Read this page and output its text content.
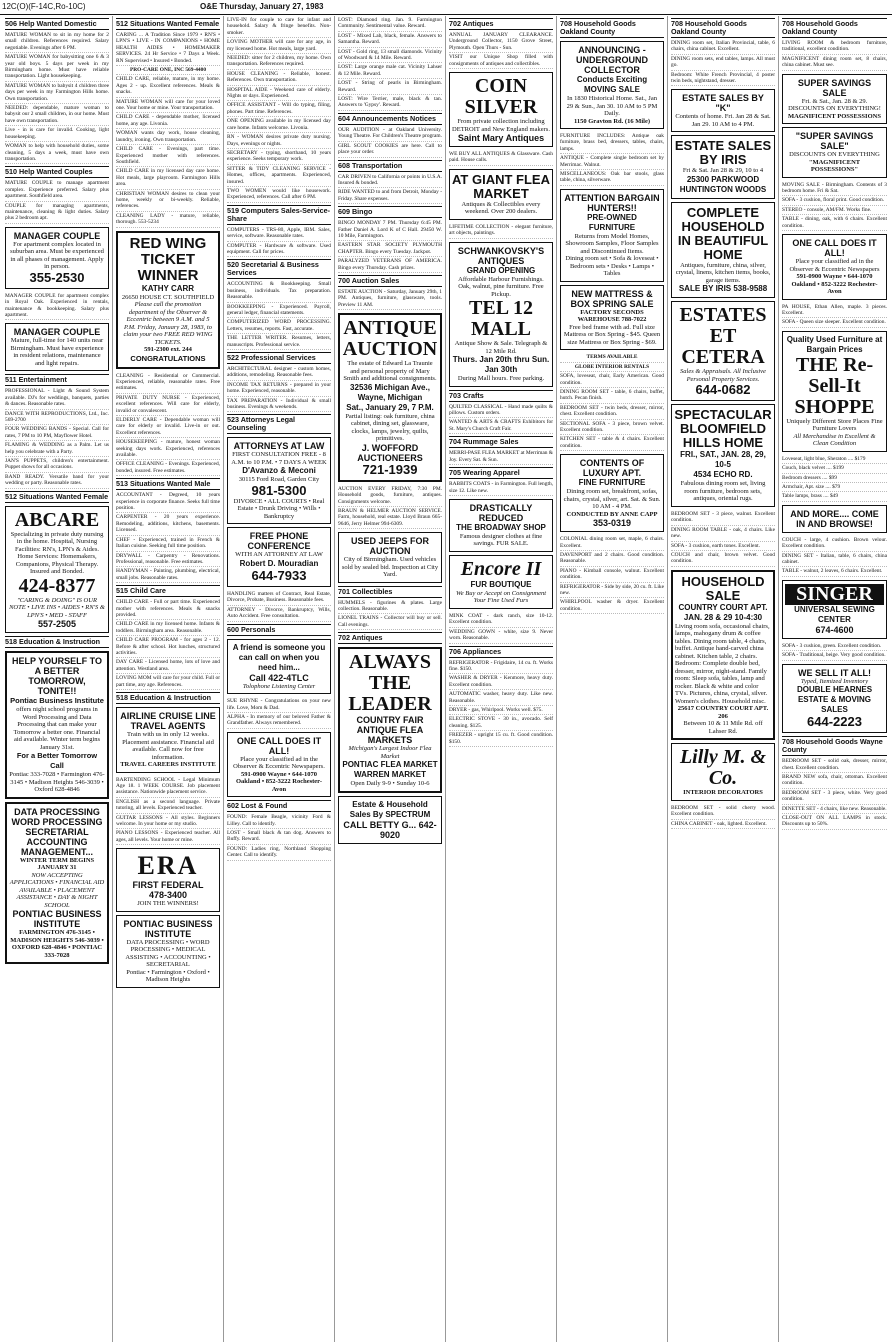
12C(O)(F-14C,Ro-10C)	O&E Thursday, January 27, 1983
506 Help Wanted Domestic

MATURE WOMAN to sit in my home for 2 small children. References required. Salary negotiable. Evenings after 6 PM.

MATURE WOMAN for babysitting one 6 & 3 year old boys. 5 days per week in my Birmingham home. Must have reliable transportation. Light housekeeping.

MATURE WOMAN to babysit 4 children three days per week in my Farmington Hills home. Own transportation.

NEEDED: dependable, mature woman to babysit our 2 small children, in our home. Must have own transportation.

Live - in is care for invalid. Cooking, light housekeeping.

WOMAN to help with household duties, some cleaning, 5 days a week, must have own transportation.

510 Help Wanted Couples

MATURE COUPLE to manage apartment complex. Experience preferred. Salary plus apartment. Southfield area.

COUPLE for managing apartments, maintenance, cleaning & light duties. Salary plus 2 bedroom apt.

MANAGER COUPLE
For apartment complex located in suburban area. Must be experienced in all phases of management. Apply in person.
355-2530

MANAGER COUPLE for apartment complex in Royal Oak. Experienced in rentals, maintenance & bookkeeping. Salary plus apartment.

MANAGER COUPLE
Mature, full-time for 140 units near Birmingham. Must have experience in resident relations, maintenance and light repairs.
511 Entertainment

PROFESSIONAL - Light & Sound System available. DJ's for weddings, banquets, parties & dances. Reasonable rates.

DANCE WITH REPRODUCTIONS, Ltd., Inc. 569-2700

FOUR WEDDING BANDS - Special. Call for rates, 7 PM to 10 PM, Mayflower Hotel.

FLAMING & WEDDING as a Palm. Let us help you celebrate with a Party.

JAN'S PUPPETS, children's entertainment. Puppet shows for all occasions.

BAND READY. Versatile band for your wedding or party. Reasonable rates.

512 Situations Wanted Female
ABCARE
Specializing in private duty nursing in the home. Hospital, Nursing Facilities: RN's, LPN's & Aides. Home Services: Homemakers, Companions, Physical Therapy. Insured and Bonded.
424-8377
"CARING & DOING" IS OUR NOTE • LIVE INS • AIDES • RN'S & LPN'S • MED - STAFF
557-2505
518 Education & Instruction
HELP YOURSELF TO A BETTER TOMORROW, TONITE!!
Pontiac Business Institute
offers night school programs in Word Processing and Data Processing that can make your Tomorrow a better one. Financial aid available. Winter term begins January 31st.
For a Better Tomorrow Call
Pontiac 333-7028 • Farmington 476-3145 • Madison Heights 546-3039 • Oxford 628-4846
DATA PROCESSING
WORD PROCESSING
SECRETARIAL
ACCOUNTING
MANAGEMENT...
WINTER TERM BEGINS JANUARY 31
NOW ACCEPTING APPLICATIONS • FINANCIAL AID AVAILABLE • PLACEMENT ASSISTANCE • DAY & NIGHT SCHOOL
PONTIAC BUSINESS INSTITUTE
FARMINGTON 476-3145 • MADISON HEIGHTS 546-3039 • OXFORD 628-4846 • PONTIAC 333-7028
512 Situations Wanted Female

CARING ... A Tradition Since 1979 • RN'S • LPN'S • LIVE - IN COMPANIONS • HOME HEALTH AIDES • HOMEMAKER SERVICES. 24 Hr Service • 7 Days a Week. RN Supervised • Insured • Bonded.

PRO-CARE ONE, INC 569-4400

CHILD CARE, reliable, mature, in my home. Ages 2 - up. Excellent references. Meals & snacks.

MATURE WOMAN will care for your loved one. Your home or mine. Your transportation.

CHILD CARE - dependable mother, licensed home, any age. Livonia.

WOMAN wants day work, house cleaning, laundry, ironing. Own transportation.

CHILD CARE - Evenings, part time. Experienced mother with references. Southfield.

CHILD CARE in my licensed day care home. Hot meals, large playroom. Farmington Hills area.

CHRISTIAN WOMAN desires to clean your home, weekly or bi-weekly. Reliable, references.

CLEANING LADY - mature, reliable, thorough. 553-5234

RED WING TICKET WINNER
KATHY CARR
26650 HOUSE CT. SOUTHFIELD
Please call the promotion department of the Observer & Eccentric between 9 A.M. and 5 P.M. Friday, January 28, 1983, to claim your two FREE RED WING TICKETS.
591-2300 ext. 244
CONGRATULATIONS

CLEANING - Residential or Commercial. Experienced, reliable, reasonable rates. Free estimates.

PRIVATE DUTY NURSE - Experienced, excellent references. Will care for elderly, invalid or convalescent.

ELDERLY CARE - Dependable woman will care for elderly or invalid. Live-in or out. Excellent references.

HOUSEKEEPING - mature, honest woman seeking days work. Experienced, references available.

OFFICE CLEANING - Evenings. Experienced, bonded, insured. Free estimates.

513 Situations Wanted Male

ACCOUNTANT - Degreed, 10 years experience in corporate finance. Seeks full time position.

CARPENTER - 20 years experience. Remodeling, additions, kitchens, basements. Licensed.

CHEF - Experienced, trained in French & Italian cuisine. Seeking full time position.

DRYWALL - Carpentry - Renovations. Professional, reasonable. Free estimates.

HANDYMAN - Painting, plumbing, electrical, small jobs. Reasonable rates.

515 Child Care

CHILD CARE - Full or part time. Experienced mother with references. Meals & snacks provided.

CHILD CARE in my licensed home. Infants & toddlers. Birmingham area. Reasonable.

CHILD CARE PROGRAM - for ages 2 - 12. Before & after school. Hot lunches, structured activities.

DAY CARE - Licensed home, lots of love and attention. Westland area.

LOVING MOM will care for your child. Full or part time, any age. References.

518 Education & Instruction
AIRLINE CRUISE LINE TRAVEL AGENTS
Train with us in only 12 weeks. Placement assistance. Financial aid available. Call now for free information.
TRAVEL CAREERS INSTITUTE

BARTENDING SCHOOL - Legal Minimum Age 18. 1 WEEK COURSE. Job placement assistance. Nationwide placement service.

ENGLISH as a second language. Private tutoring, all levels. Experienced teacher.

GUITAR LESSONS - All styles. Beginners welcome. In your home or my studio.

PIANO LESSONS - Experienced teacher. All ages, all levels. Your home or mine.

ERA
FIRST FEDERAL
478-3400
JOIN THE WINNERS!
PONTIAC BUSINESS INSTITUTE
DATA PROCESSING • WORD PROCESSING • MEDICAL ASSISTING • ACCOUNTING • SECRETARIAL
Pontiac • Farmington • Oxford • Madison Heights

LIVE-IN for couple to care for infant and household. Salary & fringe benefits. Non-smoker.

LOVING MOTHER will care for any age, in my licensed home. Hot meals, large yard.

NEEDED: sitter for 2 children, my home. Own transportation. References required.

HOUSE CLEANING - Reliable, honest. References. Own transportation.

HOSPITAL AIDE - Weekend care of elderly. Nights or days. Experienced.

OFFICE ASSISTANT - Will do typing, filing, phones. Part time. References.

ONE OPENING available in my licensed day care home. Infants welcome. Livonia.

RN - WOMAN desires private duty nursing. Days, evenings or nights.

SECRETARY - typing, shorthand, 10 years experience. Seeks temporary work.

SITTER & TIDY CLEANING SERVICE - Homes, offices, apartments. Experienced, insured.

TWO WOMEN would like housework. Experienced, references. Call after 6 PM.

519 Computers Sales-Service-Share

COMPUTERS - TRS-80, Apple, IBM. Sales, service, software. Reasonable rates.

COMPUTER - Hardware & software. Used equipment. Call for prices.

520 Secretarial & Business Services

ACCOUNTING & Bookkeeping. Small business, individuals. Tax preparation. Reasonable.

BOOKKEEPING - Experienced. Payroll, general ledger, financial statements.

COMPUTERIZED WORD PROCESSING. Letters, resumes, reports. Fast, accurate.

THE LETTER WRITER. Resumes, letters, manuscripts. Professional service.

522 Professional Services

ARCHITECTURAL designer - custom homes, additions, remodeling. Reasonable fees.

INCOME TAX RETURNS - prepared in your home. Experienced, reasonable.

TAX PREPARATION - Individual & small business. Evenings & weekends.

523 Attorneys Legal Counseling
ATTORNEYS AT LAW
FIRST CONSULTATION FREE - 8 A.M. to 10 P.M. • 7 DAYS A WEEK
D'Avanzo & Meconi
30115 Ford Road, Garden City
981-5300
DIVORCE • ALL COURTS • Real Estate • Drunk Driving • Wills • Bankruptcy
FREE PHONE CONFERENCE
WITH AN ATTORNEY AT LAW
Robert D. Mouradian
644-7933

HANDLING matters of Contract, Real Estate, Divorce, Probate, Business. Reasonable fees.

ATTORNEY - Divorce, Bankruptcy, Wills, Auto Accident. Free consultation.

600 Personals
A friend is someone you can call on when you need him...
Call 422-4TLC
Tolophone Listening Center

SUE RHYNE - Congratulations on your new life. Love, Mom & Dad.

ALPHA - In memory of our beloved Father & Grandfather. Always remembered.

ONE CALL DOES IT ALL!
Place your classified ad in the Observer & Eccentric Newspapers.
591-0900 Wayne • 644-1070 Oakland • 852-3222 Rochester-Avon
602 Lost & Found

FOUND: Female Beagle, vicinity Ford & Lilley. Call to identify.

LOST - Small black & tan dog. Answers to Buffy. Reward.

FOUND: Ladies ring, Northland Shopping Center. Call to identify.

LOST: Diamond ring. Jan. 9. Farmington Community. Sentimental value. Reward.

LOST - Mixed Lab, black, female. Answers to Samantha. Reward.

LOST - Gold ring, 13 small diamonds. Vicinity of Woodward & 14 Mile. Reward.

LOST: Large orange male cat. Vicinity Lahser & 12 Mile. Reward.

LOST - String of pearls in Birmingham. Reward.

LOST: Wire Terrier, male, black & tan. Answers to 'Gypsy'. Reward.

604 Announcements Notices

OUR AUDITION - at Oakland University. Young Theatre. For Children's Theatre program.

GIRL SCOUT COOKIES are here. Call to place your order.

608 Transportation

CAR DRIVEN to California or points in U.S.A. Insured & bonded.

RIDE WANTED to and from Detroit, Monday - Friday. Share expenses.

609 Bingo

BINGO MONDAY 7 PM. Thursday 6:45 PM. Father Daniel A. Lord K of C Hall. 29450 W. 10 Mile, Farmington.

EASTERN STAR SOCIETY PLYMOUTH CHAPTER. Bingo every Tuesday. Jackpot.

PARALYZED VETERANS OF AMERICA. Bingo every Thursday. Cash prizes.

700 Auction Sales

ESTATE AUCTION - Saturday, January 29th, 1 PM. Antiques, furniture, glassware, tools. Preview 11 AM.

ANTIQUE AUCTION
The estate of Edward La Traunie and personal property of Mary Smith and additional consignments.
32536 Michigan Ave., Wayne, Michigan
Sat., January 29, 7 P.M.
Partial listing: oak furniture, china cabinet, dining set, glassware, clocks, lamps, jewelry, quilts, primitives.
J. WOFFORD AUCTIONEERS
721-1939

AUCTION EVERY FRIDAY, 7:30 PM. Household goods, furniture, antiques. Consignments welcome.

BRAUN & HELMER AUCTION SERVICE. Farm, household, real estate. Lloyd Braun 665-9646, Jerry Helmer 994-6309.

USED JEEPS FOR AUCTION
City of Birmingham. Used vehicles sold by sealed bid. Inspection at City Yard.
701 Collectibles

HUMMELS - figurines & plates. Large collection. Reasonable.

LIONEL TRAINS - Collector will buy or sell. Call evenings.

702 Antiques
ALWAYS THE LEADER
COUNTRY FAIR ANTIQUE FLEA MARKETS
Michigan's Largest Indoor Flea Market
PONTIAC FLEA MARKET
WARREN MARKET
Open Daily 9-9 • Sunday 10-6
Estate & Household Sales By SPECTRUM
CALL BETTY G... 642-9020
702 Antiques

ANNUAL JANUARY CLEARANCE. Underground Collector, 1150 Grove Street, Plymouth. Open Thurs - Sun.

VISIT our Unique Shop filled with consignments of antiques and collectibles.

COIN SILVER
From private collection including DETROIT and New England makers.
Saint Mary Antiques

WE BUY ALL ANTIQUES & Glassware. Cash paid. House calls.

AT GIANT FLEA MARKET
Antiques & Collectibles every weekend. Over 200 dealers.

LIFETIME COLLECTION - elegant furniture, art objects, paintings.

SCHWANKOVSKY'S ANTIQUES
GRAND OPENING
Affordable Harbour Furnishings. Oak, walnut, pine furniture. Free Pickup.
TEL 12 MALL
Antique Show & Sale. Telegraph & 12 Mile Rd.
Thurs. Jan 20th thru Sun. Jan 30th
During Mall hours. Free parking.
703 Crafts

QUILTED CLASSICAL - Hand made quilts & pillows. Custom orders.

WANTED & ARTS & CRAFTS Exhibitors for St. Mary's Church Craft Fair.

704 Rummage Sales

MERRI-PASE FLEA MARKET at Merriman & Joy. Every Sat. & Sun.

705 Wearing Apparel

RABBITS COATS - in Farmington. Full length, size 12. Like new.

DRASTICALLY REDUCED
THE BROADWAY SHOP
Famous designer clothes at fine savings. FUR SALE.
Encore II
FUR BOUTIQUE
We Buy or Accept on Consignment Your Fine Used Furs

MINK COAT - dark ranch, size 10-12. Excellent condition.

WEDDING GOWN - white, size 9. Never worn. Reasonable.

706 Appliances

REFRIGERATOR - Frigidaire, 14 cu. ft. Works fine. $150.

WASHER & DRYER - Kenmore, heavy duty. Excellent condition.

AUTOMATIC washer, heavy duty. Like new. Reasonable.

DRYER - gas, Whirlpool. Works well. $75.

ELECTRIC STOVE - 30 in., avocado. Self cleaning. $125.

FREEZER - upright 15 cu. ft. Good condition. $150.

708 Household Goods Oakland County
ANNOUNCING - UNDERGROUND COLLECTOR
Conducts Exciting MOVING SALE
In 1830 Historical Home. Sat., Jan 29 & Sun., Jan 30. 10 AM to 5 PM Daily.
1150 Gravton Rd. (16 Mile)

FURNITURE INCLUDES: Antique oak furniture, brass bed, dressers, tables, chairs, lamps.

ANTIQUE - Complete single bedroom set by Merrimac. Walnut.

MISCELLANEOUS: Oak bar stools, glass table, china, silverware.

ATTENTION BARGAIN HUNTERS!!
PRE-OWNED FURNITURE
Returns from Model Homes, Showroom Samples, Floor Samples and Discontinued Items.
Dining room set • Sofa & loveseat • Bedroom sets • Desks • Lamps • Tables
NEW MATTRESS & BOX SPRING SALE
FACTORY SECONDS
WAREHOUSE 788-7022
Free bed frame with ad. Full size Mattress or Box Spring - $45. Queen size Mattress or Box Spring - $69.

TERMS AVAILABLE

GLOBE INTERIOR RENTALS

SOFA, loveseat, chair, Early American. Good condition.

DINING ROOM SET - table, 6 chairs, buffet, hutch. Pecan finish.

BEDROOM SET - twin beds, dresser, mirror, chest. Excellent condition.

SECTIONAL SOFA - 3 piece, brown velvet. Excellent condition.

KITCHEN SET - table & 4 chairs. Excellent condition.

CONTENTS OF LUXURY APT.
FINE FURNITURE
Dining room set, breakfront, sofas, chairs, crystal, silver, art. Sat. & Sun. 10 AM - 4 PM.
CONDUCTED BY ANNE CAPP
353-0319

COLONIAL dining room set, maple, 6 chairs. Excellent.

DAVENPORT and 2 chairs. Good condition. Reasonable.

PIANO - Kimball console, walnut. Excellent condition.

REFRIGERATOR - Side by side, 20 cu. ft. Like new.

WHIRLPOOL washer & dryer. Excellent condition.

708 Household Goods Oakland County

DINING room set, Italian Provincial, table, 6 chairs, china cabinet. Excellent.

DINING room sets, end tables, lamps. All must go.

Bedroom: White French Provincial, 4 poster twin beds, nightstand, dresser.

ESTATE SALES BY "K"
Contents of home. Fri. Jan 28 & Sat. Jan 29. 10 AM to 4 PM.
ESTATE SALES BY IRIS
Fri & Sat. Jan 28 & 29, 10 to 4
25300 PARKWOOD HUNTINGTON WOODS
COMPLETE HOUSEHOLD IN BEAUTIFUL HOME
Antiques, furniture, china, silver, crystal, linens, kitchen items, books, garage items.
SALE BY IRIS 538-9588
ESTATES ET CETERA
Sales & Appraisals. All Inclusive Personal Property Services.
644-0682
SPECTACULAR BLOOMFIELD HILLS HOME
FRI., SAT., JAN. 28, 29, 10-5
4534 ECHO RD.
Fabulous dining room set, living room furniture, bedroom sets, antiques, oriental rugs.

BEDROOM SET - 3 piece, walnut. Excellent condition.

DINING ROOM TABLE - oak, 4 chairs. Like new.

SOFA - 3 cushion, earth tones. Excellent.

COUCH and chair, brown velvet. Good condition.

HOUSEHOLD SALE
COUNTRY COURT APT.
JAN. 28 & 29 10-4:30
Living room sofa, occasional chairs, lamps, mahogany drum & coffee tables. Dining room table, 4 chairs, buffet. Antique hand-carved china cabinet. Kitchen table, 2 chairs. Bedroom: Complete double bed, dresser, mirror, night-stand. Family room: Sleep sofa, tables, lamp and rocker. Black & white and color TVs. Pictures, china, crystal, silver. Women's clothes. Household misc.
25617 COUNTRY COURT APT. 206
Between 10 & 11 Mile Rd. off Lahser Rd.
Lilly M. & Co.
INTERIOR DECORATORS

BEDROOM SET - solid cherry wood. Excellent condition.

CHINA CABINET - oak, lighted. Excellent.

708 Household Goods Oakland County

LIVING ROOM & bedroom furniture, traditional, excellent condition.

MAGNIFICENT dining room set, 8 chairs, china cabinet. Must see.

SUPER SAVINGS SALE
Fri. & Sat., Jan. 28 & 29. DISCOUNTS ON EVERYTHING!
MAGNIFICENT POSSESSIONS
"SUPER SAVINGS SALE"
DISCOUNTS ON EVERYTHING
"MAGNIFICENT POSSESSIONS"

MOVING SALE - Birmingham. Contents of 3 bedroom home. Fri & Sat.

SOFA - 3 cushion, floral print. Good condition.

STEREO - console, AM/FM. Works fine.

TABLE - dining, oak, with 6 chairs. Excellent condition.

ONE CALL DOES IT ALL!
Place your classified ad in the Observer & Eccentric Newspapers
591-0900 Wayne • 644-1070 Oakland • 852-3222 Rochester-Avon

PA HOUSE, Ethan Allen, maple. 3 pieces. Excellent.

SOFA - Queen size sleeper. Excellent condition.

Quality Used Furniture at Bargain Prices
THE Re-Sell-It SHOPPE
Uniquely Different Store Places Fine Furniture Lovers
All Merchandise in Excellent & Clean Condition

Loveseat, light blue, Sheraton .... $179

Couch, black velvet .... $199

Bedroom dressers .... $99

Armchair, Apt. size .... $79

Table lamps, brass .... $49

AND MORE.... COME IN AND BROWSE!

COUCH - large, 4 cushion. Brown velour. Excellent condition.

DINING SET - Italian, table, 6 chairs, china cabinet.

TABLE - walnut, 2 leaves, 6 chairs. Excellent.

SINGER
UNIVERSAL SEWING CENTER
674-4600

SOFA - 3 cushion, green. Excellent condition.

SOFA - Traditional, beige. Very good condition.

WE SELL IT ALL!
Typed, Itemized Inventory
DOUBLE HEARNES ESTATE & MOVING SALES
644-2223
708 Household Goods Wayne County

BEDROOM SET - solid oak, dresser, mirror, chest. Excellent condition.

BRAND NEW sofa, chair, ottoman. Excellent condition.

BEDROOM SET - 3 piece, white. Very good condition.

DINETTE SET - 4 chairs, like new. Reasonable.

CLOSE-OUT ON ALL LAMPS in stock. Discounts up to 50%.
